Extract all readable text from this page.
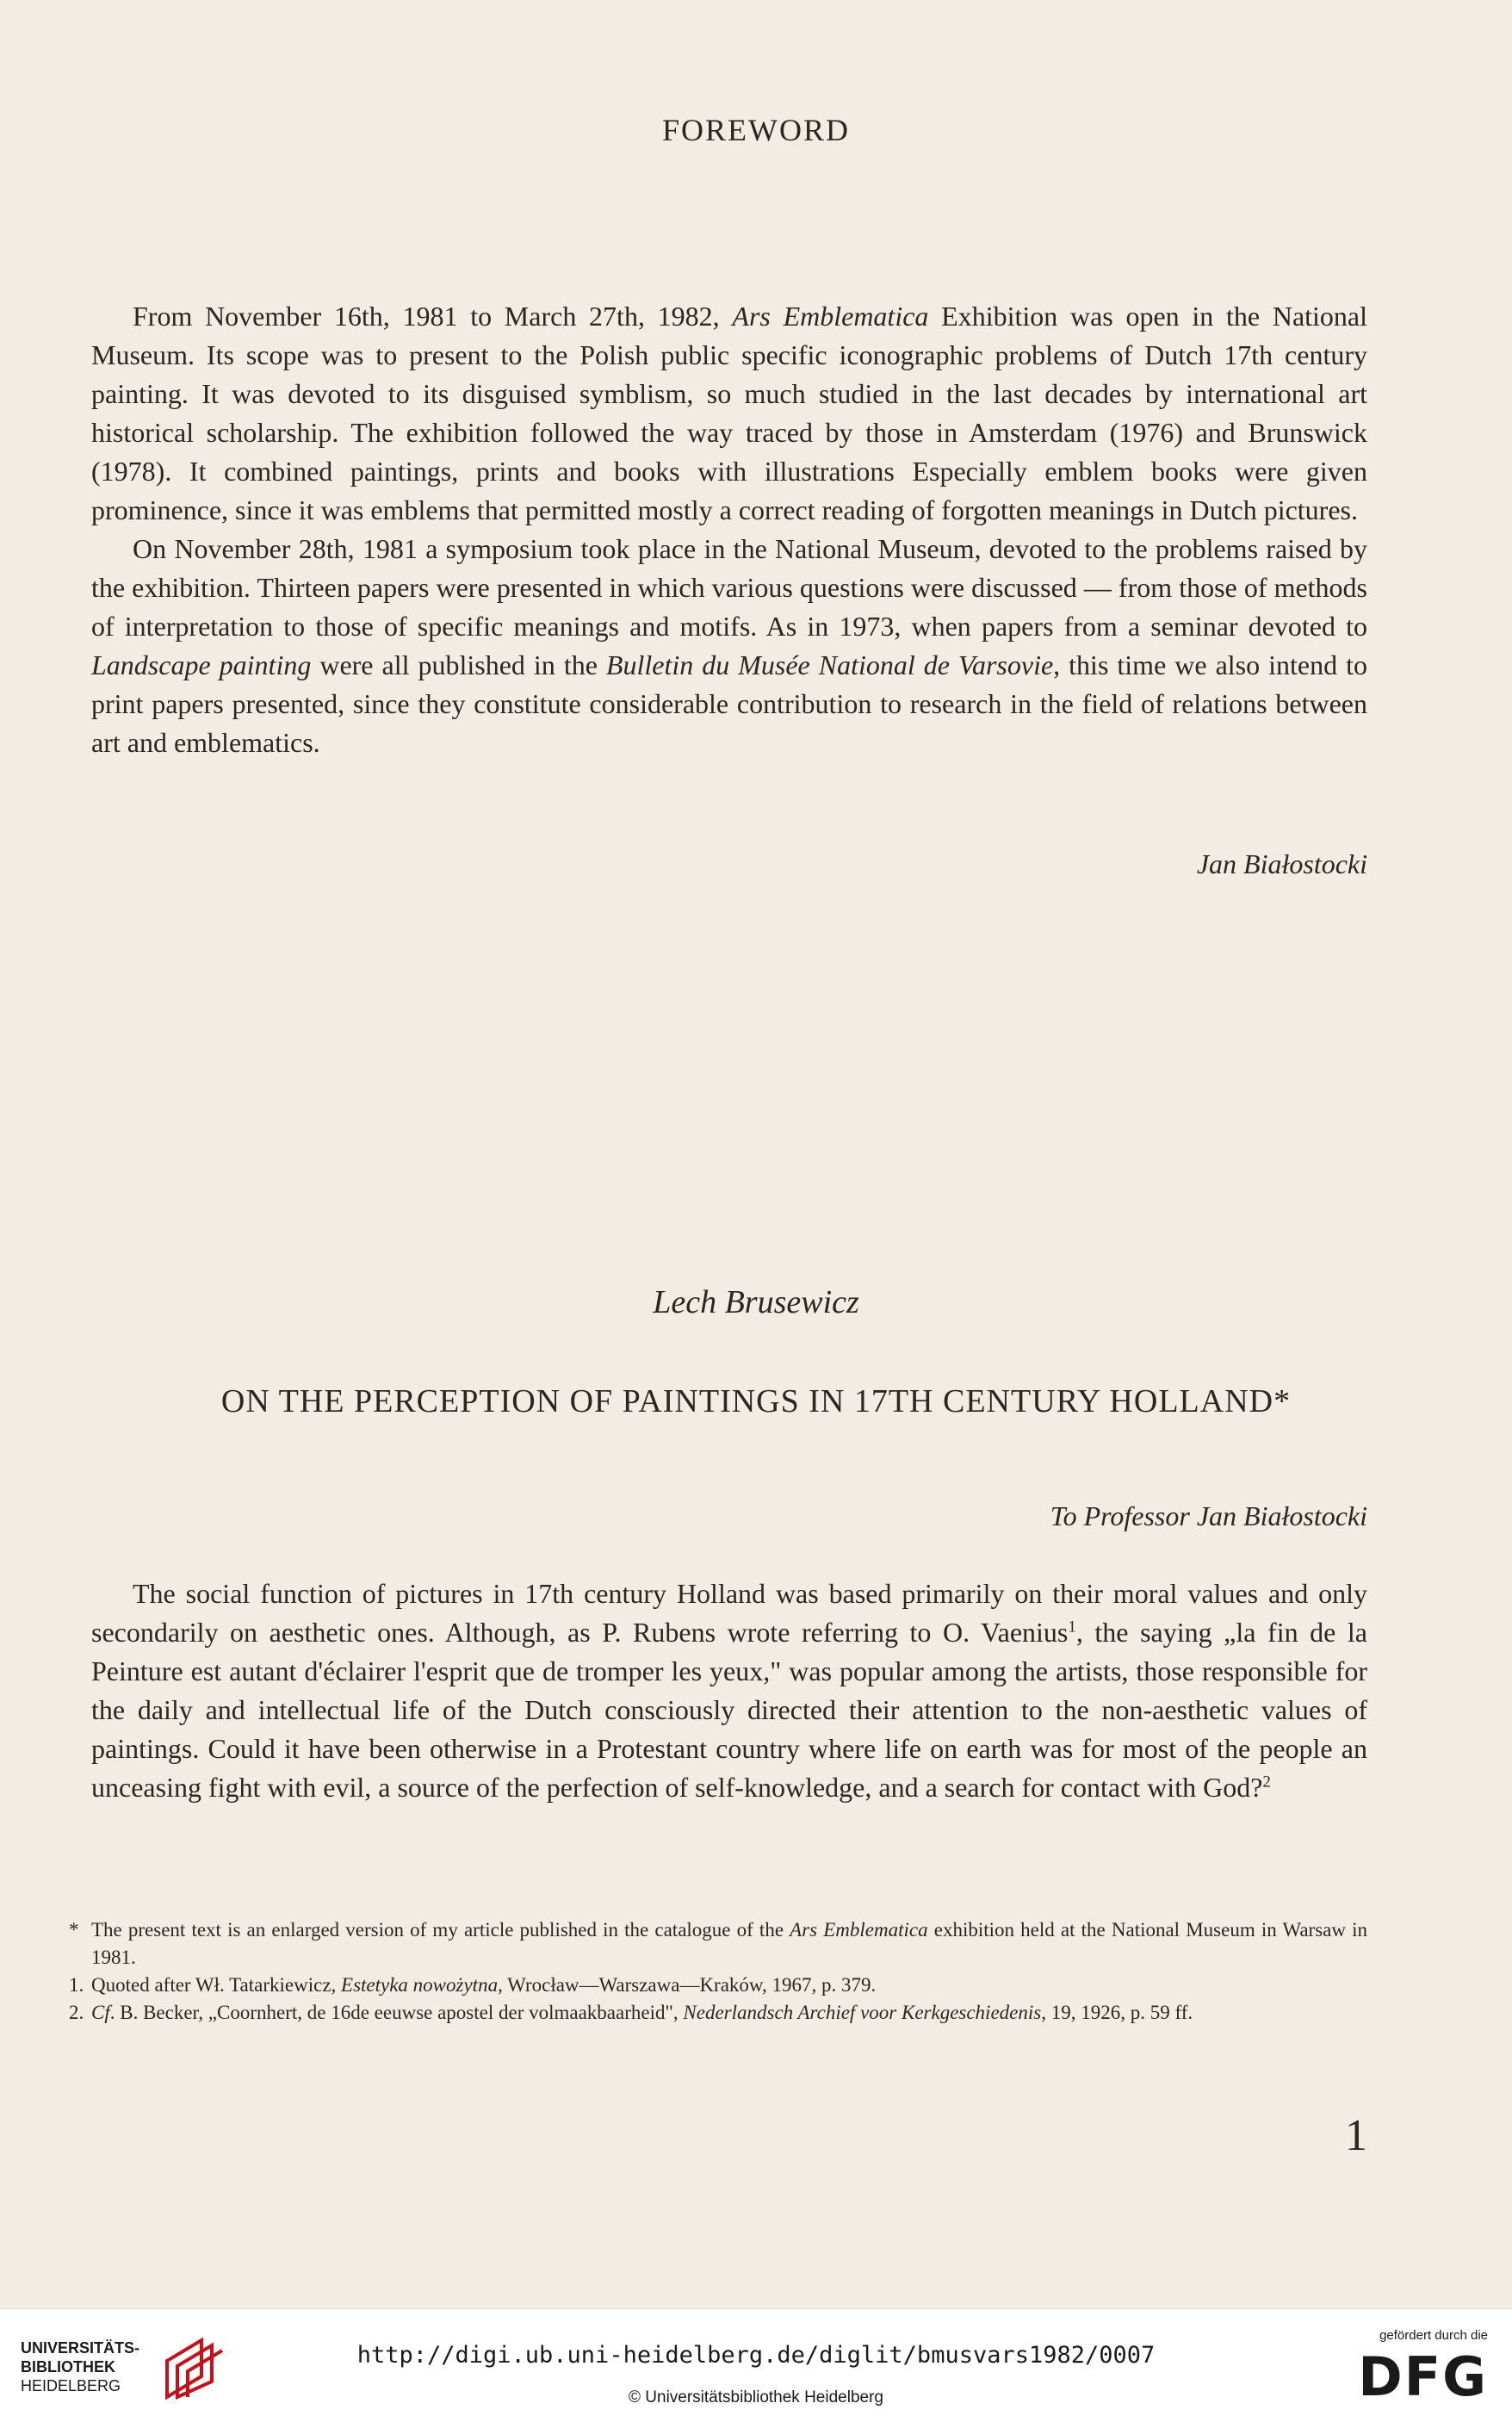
FOREWORD

From November 16th, 1981 to March 27th, 1982, Ars Emblematica Exhibition was open in the National Museum. Its scope was to present to the Polish public specific iconographic problems of Dutch 17th century painting. It was devoted to its disguised symblism, so much studied in the last decades by international art historical scholarship. The exhibition followed the way traced by those in Amsterdam (1976) and Brunswick (1978). It combined paintings, prints and books with illustrations Especially emblem books were given prominence, since it was emblems that permitted mostly a correct reading of forgotten meanings in Dutch pictures.

On November 28th, 1981 a symposium took place in the National Museum, devoted to the problems raised by the exhibition. Thirteen papers were presented in which various questions were discussed — from those of methods of interpretation to those of specific meanings and motifs. As in 1973, when papers from a seminar devoted to Landscape painting were all published in the Bulletin du Musée National de Varsovie, this time we also intend to print papers presented, since they constitute considerable contribution to research in the field of relations between art and emblematics.

Jan Białostocki
Lech Brusewicz
ON THE PERCEPTION OF PAINTINGS IN 17TH CENTURY HOLLAND*
To Professor Jan Białostocki

The social function of pictures in 17th century Holland was based primarily on their moral values and only secondarily on aesthetic ones. Although, as P. Rubens wrote referring to O. Vaenius$^1$, the saying „la fin de la Peinture est autant d'éclairer l'esprit que de tromper les yeux," was popular among the artists, those responsible for the daily and intellectual life of the Dutch consciously directed their attention to the non-aesthetic values of paintings. Could it have been otherwise in a Protestant country where life on earth was for most of the people an unceasing fight with evil, a source of the perfection of self-knowledge, and a search for contact with God?$^2$

* The present text is an enlarged version of my article published in the catalogue of the Ars Emblematica exhibition held at the National Museum in Warsaw in 1981.
1. Quoted after Wł. Tatarkiewicz, Estetyka nowożytna, Wrocław—Warszawa—Kraków, 1967, p. 379.
2. Cf. B. Becker, „Coornhert, de 16de eeuwse apostel der volmaakbaarheid", Nederlandsch Archief voor Kerkgeschiedenis, 19, 1926, p. 59 ff.
1
UNIVERSITÄTS-
BIBLIOTHEK
HEIDELBERG
http://digi.ub.uni-heidelberg.de/diglit/bmusvars1982/0007
© Universitätsbibliothek Heidelberg
gefördert durch die
DFG
